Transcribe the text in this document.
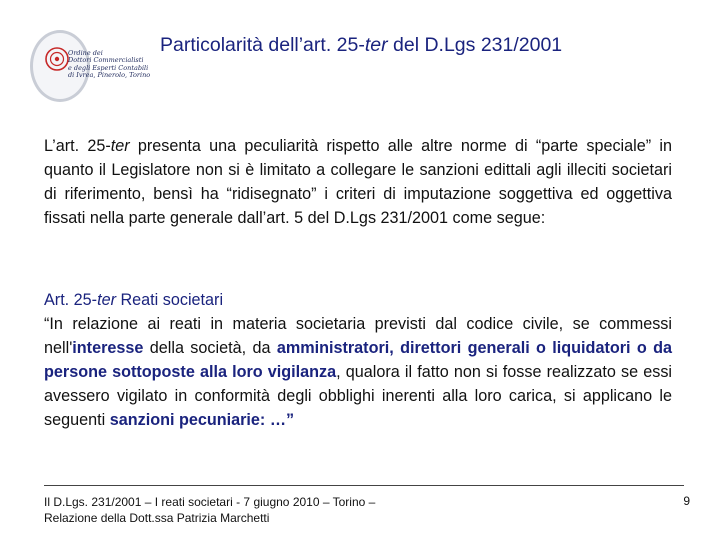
Ordine dei
Dottori Commercialisti
e degli Esperti Contabili
di Ivrea, Pinerolo, Torino
Particolarità dell’art. 25-ter del D.Lgs 231/2001
L’art. 25-ter presenta una peculiarità rispetto alle altre norme di “parte speciale” in quanto il Legislatore non si è limitato a collegare le sanzioni edittali agli illeciti societari di riferimento, bensì ha “ridisegnato” i criteri di imputazione soggettiva ed oggettiva fissati nella parte generale dall’art. 5 del D.Lgs 231/2001 come segue:
Art. 25-ter Reati societari
“In relazione ai reati in materia societaria previsti dal codice civile, se commessi nell'interesse della società, da amministratori, direttori generali o liquidatori o da persone sottoposte alla loro vigilanza, qualora il fatto non si fosse realizzato se essi avessero vigilato in conformità degli obblighi inerenti alla loro carica, si applicano le seguenti sanzioni pecuniarie: …”
Il D.Lgs. 231/2001 – I reati societari - 7 giugno 2010 – Torino –
Relazione della Dott.ssa Patrizia Marchetti
9
